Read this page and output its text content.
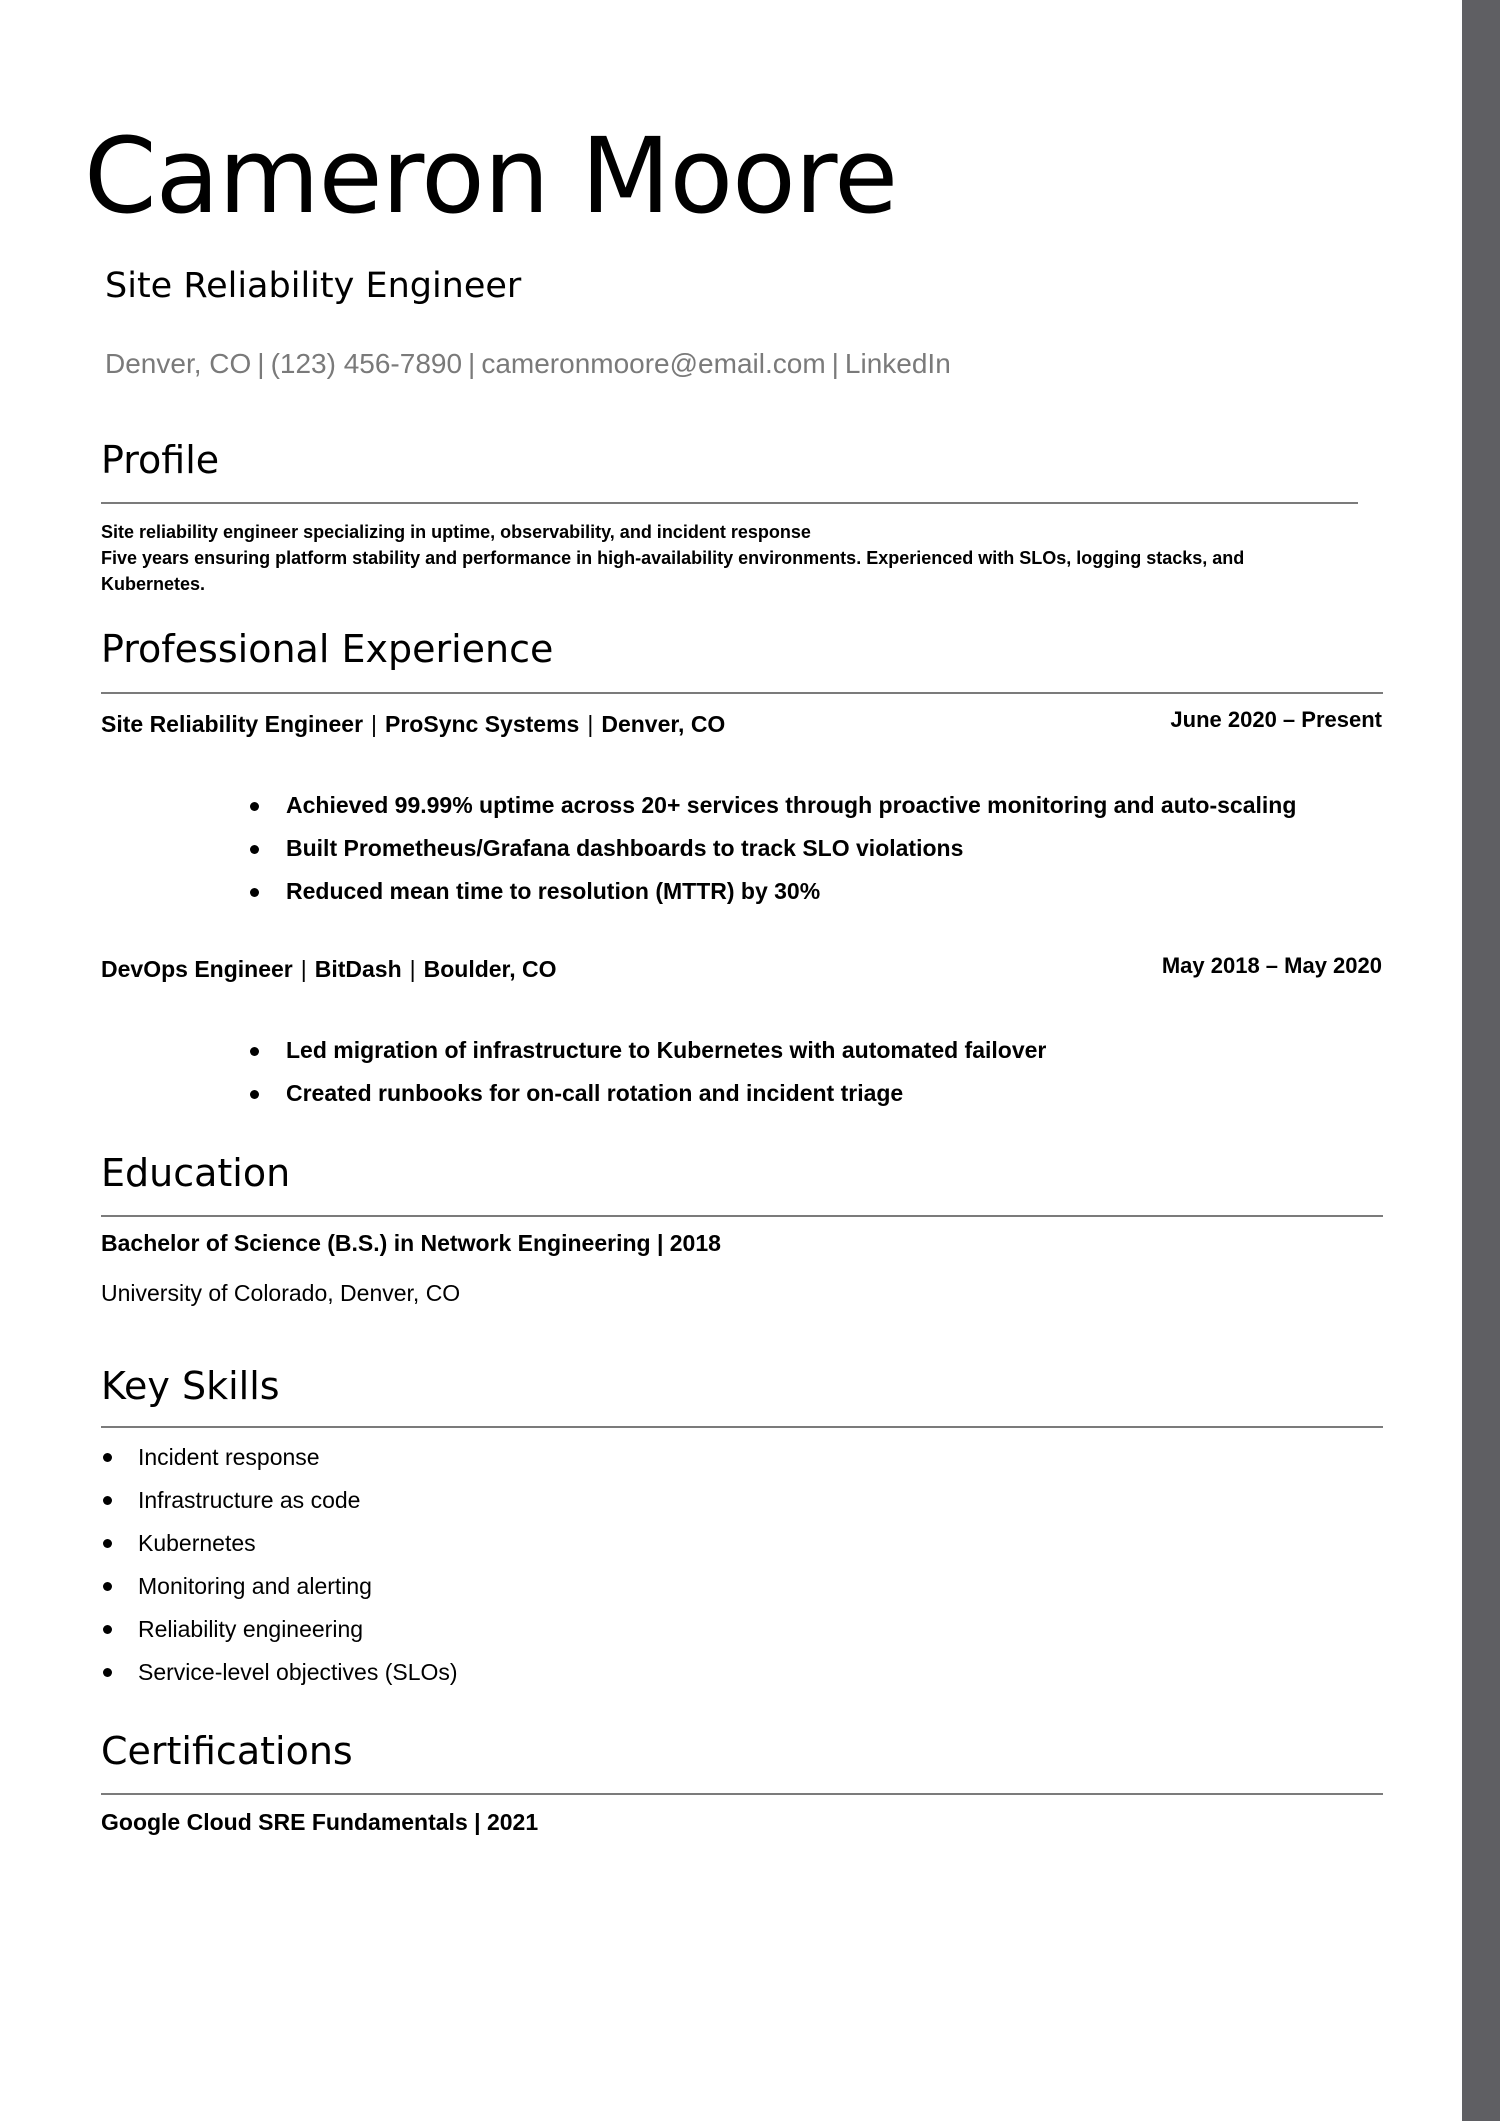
Cameron Moore
Site Reliability Engineer
Denver, CO | (123) 456-7890 | cameronmoore@email.com | LinkedIn
Profile
Site reliability engineer specializing in uptime, observability, and incident response
Five years ensuring platform stability and performance in high-availability environments. Experienced with SLOs, logging stacks, and Kubernetes.
Professional Experience
Site Reliability Engineer | ProSync Systems | Denver, CO	June 2020 – Present
Achieved 99.99% uptime across 20+ services through proactive monitoring and auto-scaling
Built Prometheus/Grafana dashboards to track SLO violations
Reduced mean time to resolution (MTTR) by 30%
DevOps Engineer | BitDash | Boulder, CO	May 2018 – May 2020
Led migration of infrastructure to Kubernetes with automated failover
Created runbooks for on-call rotation and incident triage
Education
Bachelor of Science (B.S.) in Network Engineering | 2018
University of Colorado, Denver, CO
Key Skills
Incident response
Infrastructure as code
Kubernetes
Monitoring and alerting
Reliability engineering
Service-level objectives (SLOs)
Certifications
Google Cloud SRE Fundamentals | 2021
